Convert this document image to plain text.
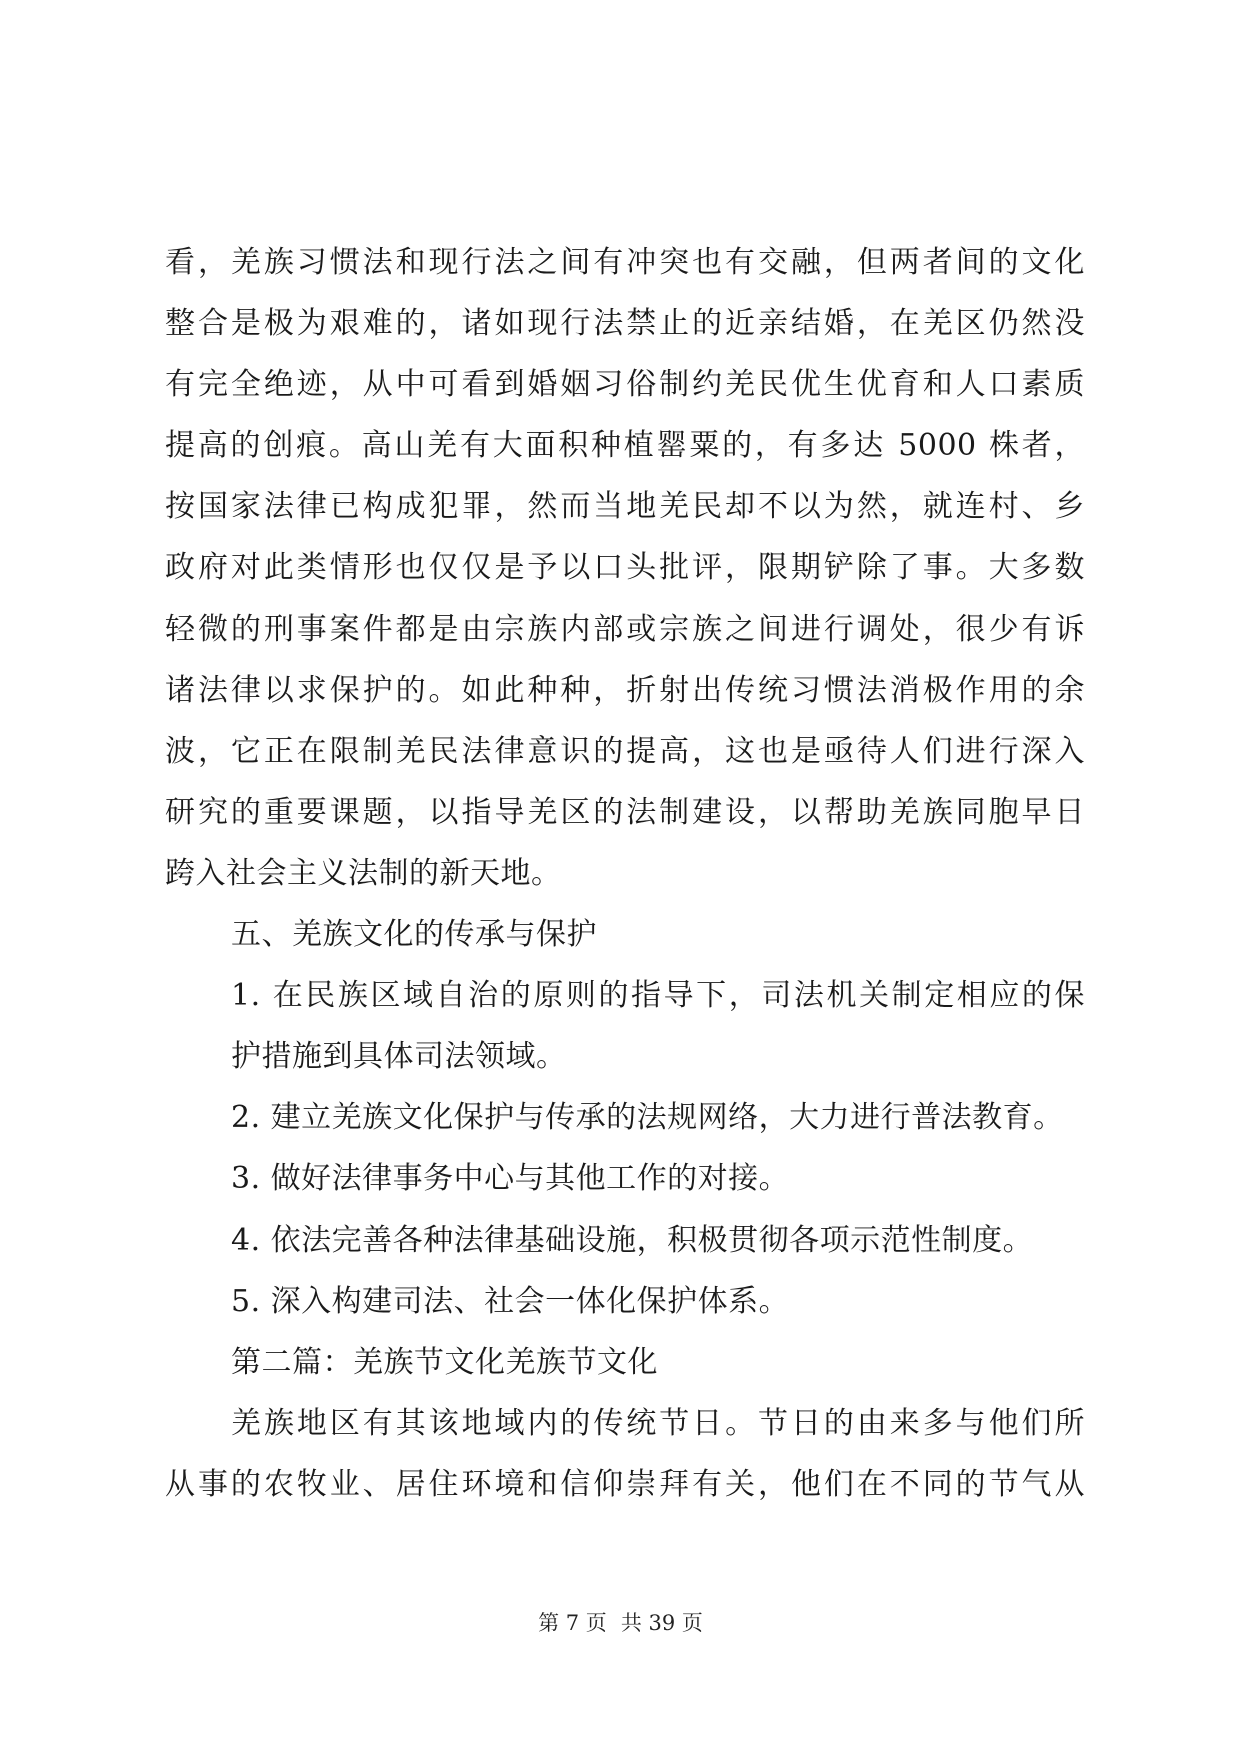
看，羌族习惯法和现行法之间有冲突也有交融，但两者间的文化
整合是极为艰难的，诸如现行法禁止的近亲结婚，在羌区仍然没
有完全绝迹，从中可看到婚姻习俗制约羌民优生优育和人口素质
提高的创痕。高山羌有大面积种植罂粟的，有多达 5000 株者，
按国家法律已构成犯罪，然而当地羌民却不以为然，就连村、乡
政府对此类情形也仅仅是予以口头批评，限期铲除了事。大多数
轻微的刑事案件都是由宗族内部或宗族之间进行调处，很少有诉
诸法律以求保护的。如此种种，折射出传统习惯法消极作用的余
波，它正在限制羌民法律意识的提高，这也是亟待人们进行深入
研究的重要课题，以指导羌区的法制建设，以帮助羌族同胞早日
跨入社会主义法制的新天地。
五、羌族文化的传承与保护
1. 在民族区域自治的原则的指导下，司法机关制定相应的保
护措施到具体司法领域。
2. 建立羌族文化保护与传承的法规网络，大力进行普法教育。
3. 做好法律事务中心与其他工作的对接。
4. 依法完善各种法律基础设施，积极贯彻各项示范性制度。
5. 深入构建司法、社会一体化保护体系。
第二篇：羌族节文化羌族节文化
羌族地区有其该地域内的传统节日。节日的由来多与他们所
从事的农牧业、居住环境和信仰崇拜有关，他们在不同的节气从
第 7 页 共 39 页
